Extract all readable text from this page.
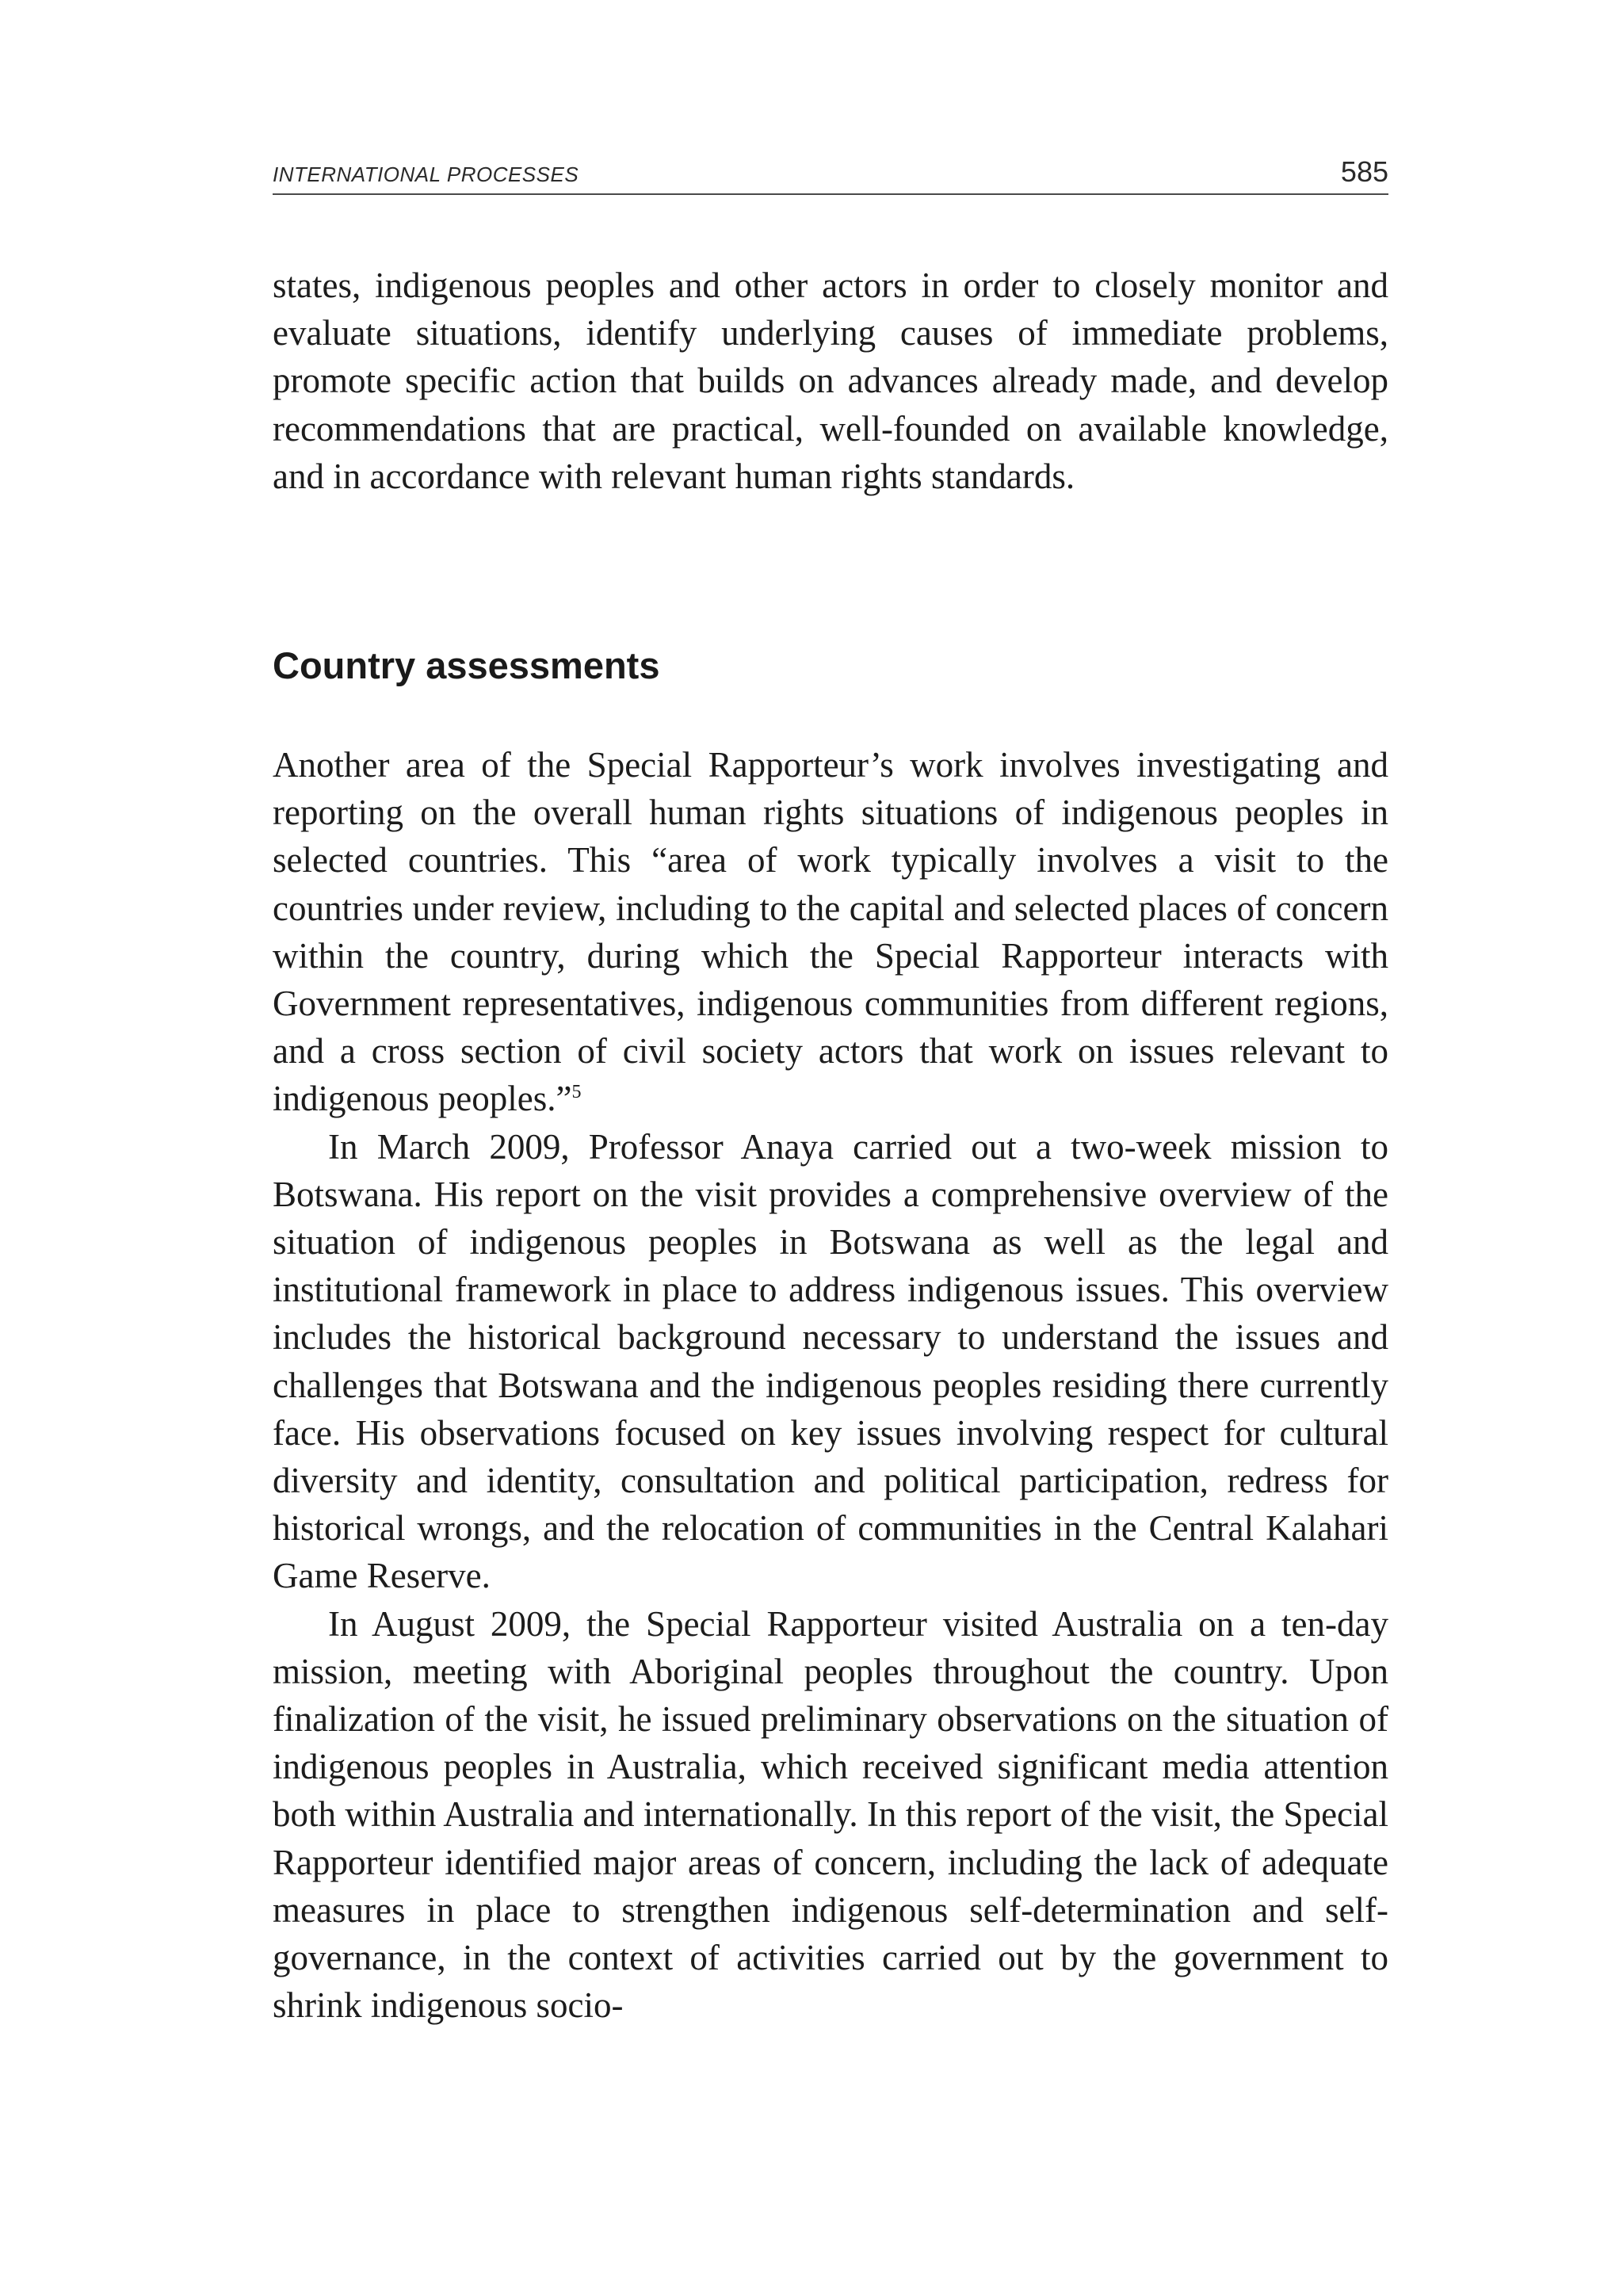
INTERNATIONAL PROCESSES	585

states, indigenous peoples and other actors in order to closely monitor and evaluate situations, identify underlying causes of immediate problems, promote specific action that builds on advances already made, and develop recommendations that are practical, well-founded on available knowledge, and in accordance with relevant human rights standards.

Country assessments

Another area of the Special Rapporteur’s work involves investigating and reporting on the overall human rights situations of indigenous peoples in selected countries. This “area of work typically involves a visit to the countries under review, including to the capital and selected places of concern within the country, during which the Special Rapporteur interacts with Government representatives, indigenous communities from different regions, and a cross section of civil society actors that work on issues relevant to indigenous peoples.”$^5$

In March 2009, Professor Anaya carried out a two-week mission to Botswana. His report on the visit provides a comprehensive overview of the situation of indigenous peoples in Botswana as well as the legal and institutional framework in place to address indigenous issues. This overview includes the historical background necessary to understand the issues and challenges that Botswana and the indigenous peoples residing there currently face. His observations focused on key issues involving respect for cultural diversity and identity, consultation and political participation, redress for historical wrongs, and the relocation of communities in the Central Kalahari Game Reserve.

In August 2009, the Special Rapporteur visited Australia on a ten-day mission, meeting with Aboriginal peoples throughout the country. Upon finalization of the visit, he issued preliminary observations on the situation of indigenous peoples in Australia, which received significant media attention both within Australia and internationally. In this report of the visit, the Special Rapporteur identified major areas of concern, including the lack of adequate measures in place to strengthen indigenous self-determination and self-governance, in the context of activities carried out by the government to shrink indigenous socio-
